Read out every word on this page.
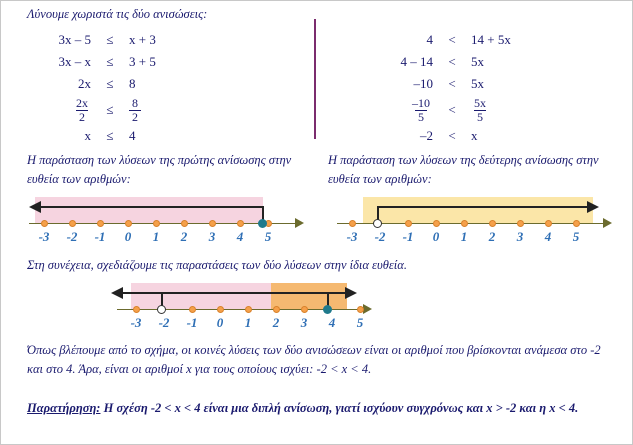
Λύνουμε χωριστά τις δύο ανισώσεις:
3x – 5	≤	x + 3
3x – x	≤	3 + 5
2x	≤	8
$\frac{2x}{2}$	≤	$\frac{8}{2}$
x	≤	4
4	<	14 + 5x
4 – 14	<	5x
–10	<	5x
$\frac{-10}{5}$	<	$\frac{5x}{5}$
–2	<	x
Η παράσταση των λύσεων της πρώτης ανίσωσης στην ευθεία των αριθμών:
Η παράσταση των λύσεων της δεύτερης ανίσωσης στην ευθεία των αριθμών:
-3	-2	-1	0	1	2	3	4	5	-3	-2	-1	0	1	2	3	4	5
Στη συνέχεια, σχεδιάζουμε τις παραστάσεις των δύο λύσεων στην ίδια ευθεία.
-3	-2	-1	0	1	2	3	4	5
Όπως βλέπουμε από το σχήμα, οι κοινές λύσεις των δύο ανισώσεων είναι οι αριθμοί που βρίσκονται ανάμεσα στο -2 και στο 4. Άρα, είναι οι αριθμοί x για τους οποίους ισχύει: -2 < x < 4.
Παρατήρηση: Η σχέση -2 < x < 4 είναι μια διπλή ανίσωση, γιατί ισχύουν συγχρόνως και x > -2 και η x < 4.
